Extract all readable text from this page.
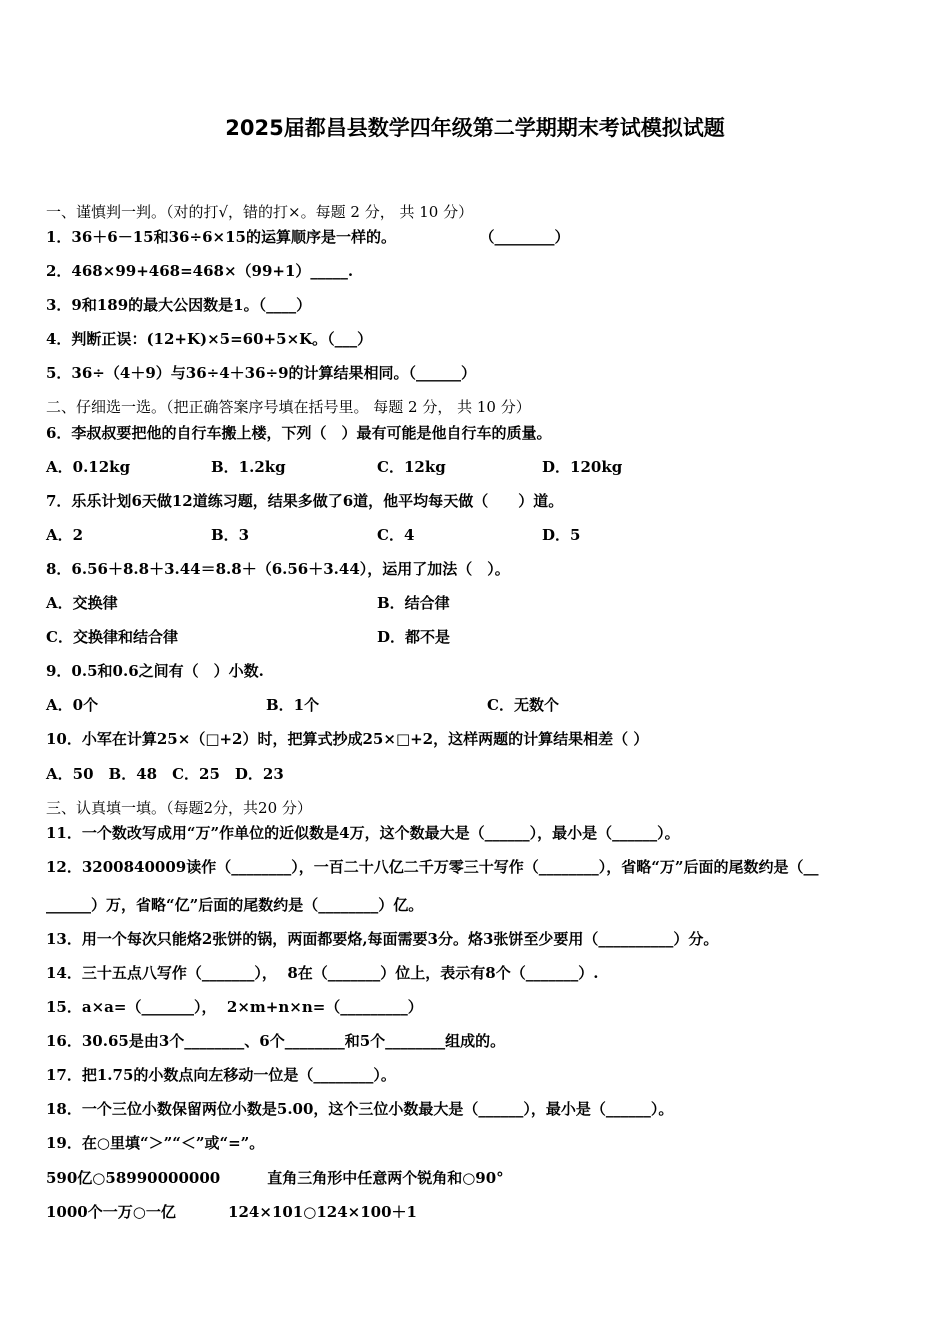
2025届都昌县数学四年级第二学期期末考试模拟试题
一、谨慎判一判。（对的打√，错的打×。每题 2 分， 共 10 分）
1．36＋6－15和36÷6×15的运算顺序是一样的。                （________）
2．468×99+468=468×（99+1）_____.
3．9和189的最大公因数是1。（____）
4．判断正误：(12+K)×5=60+5×K。（___）
5．36÷（4＋9）与36÷4＋36÷9的计算结果相同。（______）
二、仔细选一选。（把正确答案序号填在括号里。 每题 2 分， 共 10 分）
6．李叔叔要把他的自行车搬上楼，下列（　）最有可能是他自行车的质量。
A．0.12kg	B．1.2kg	C．12kg	D．120kg
7．乐乐计划6天做12道练习题，结果多做了6道，他平均每天做（　　）道。
A．2	B．3	C．4	D．5
8．6.56＋8.8＋3.44＝8.8＋（6.56＋3.44），运用了加法（　）。
A．交换律	B．结合律
C．交换律和结合律	D．都不是
9．0.5和0.6之间有（　）小数.
A．0个	B．1个	C．无数个
10．小军在计算25×（□+2）时，把算式抄成25×□+2，这样两题的计算结果相差（ ）
A．50　B．48　C．25　D．23
三、认真填一填。（每题2分，共20 分）
11．一个数改写成用“万”作单位的近似数是4万，这个数最大是（______），最小是（______）。
12．3200840009读作（________），一百二十八亿二千万零三十写作（________），省略“万”后面的尾数约是（__
______）万，省略“亿”后面的尾数约是（________）亿。
13．用一个每次只能烙2张饼的锅，两面都要烙,每面需要3分。烙3张饼至少要用（__________）分。
14．三十五点八写作（_______），  8在（_______）位上，表示有8个（_______）.
15．a×a=（_______），  2×m+n×n=（_________）
16．30.65是由3个________、6个________和5个________组成的。
17．把1.75的小数点向左移动一位是（________）。
18．一个三位小数保留两位小数是5.00，这个三位小数最大是（______），最小是（______）。
19．在○里填“＞”“＜”或“=”。
590亿○58990000000         直角三角形中任意两个锐角和○90°
1000个一万○一亿          124×101○124×100＋1
